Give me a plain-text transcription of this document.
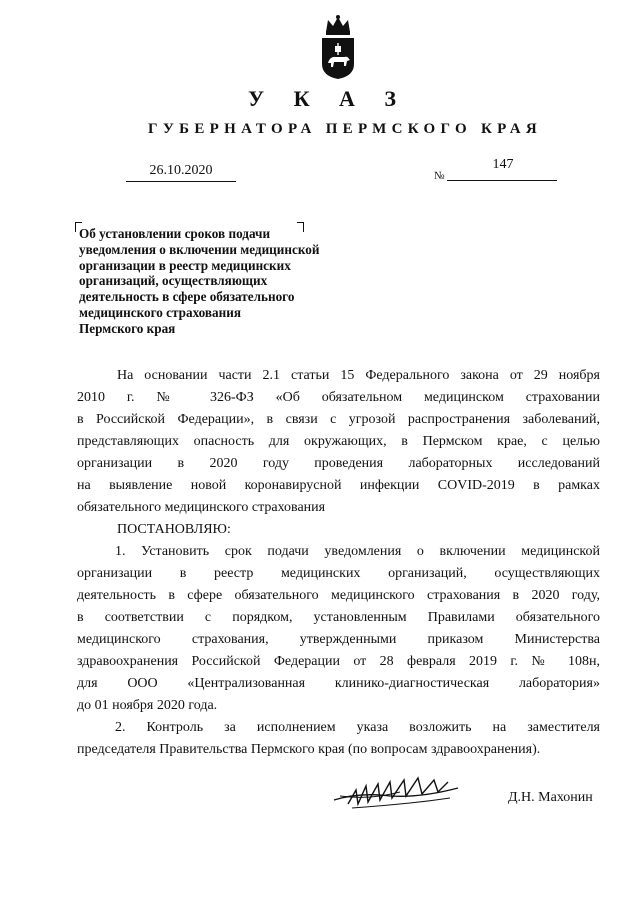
У К А З
ГУБЕРНАТОРА ПЕРМСКОГО КРАЯ
26.10.2020	№
147
Об установлении сроков подачи
уведомления о включении медицинской
организации в реестр медицинских
организаций, осуществляющих
деятельность в сфере обязательного
медицинского страхования
Пермского края

На основании части 2.1 статьи 15 Федерального закона от 29 ноября

2010 г. № 326-ФЗ «Об обязательном медицинском страховании

в Российской Федерации», в связи с угрозой распространения заболеваний,

представляющих опасность для окружающих, в Пермском крае, с целью

организации в 2020 году проведения лабораторных исследований

на выявление новой коронавирусной инфекции COVID-2019 в рамках

обязательного медицинского страхования

ПОСТАНОВЛЯЮ:

1. Установить срок подачи уведомления о включении медицинской

организации в реестр медицинских организаций, осуществляющих

деятельность в сфере обязательного медицинского страхования в 2020 году,

в соответствии с порядком, установленным Правилами обязательного

медицинского страхования, утвержденными приказом Министерства

здравоохранения Российской Федерации от 28 февраля 2019 г. № 108н,

для ООО «Централизованная клинико-диагностическая лаборатория»

до 01 ноября 2020 года.

2. Контроль за исполнением указа возложить на заместителя

председателя Правительства Пермского края (по вопросам здравоохранения).

Д.Н. Махонин
